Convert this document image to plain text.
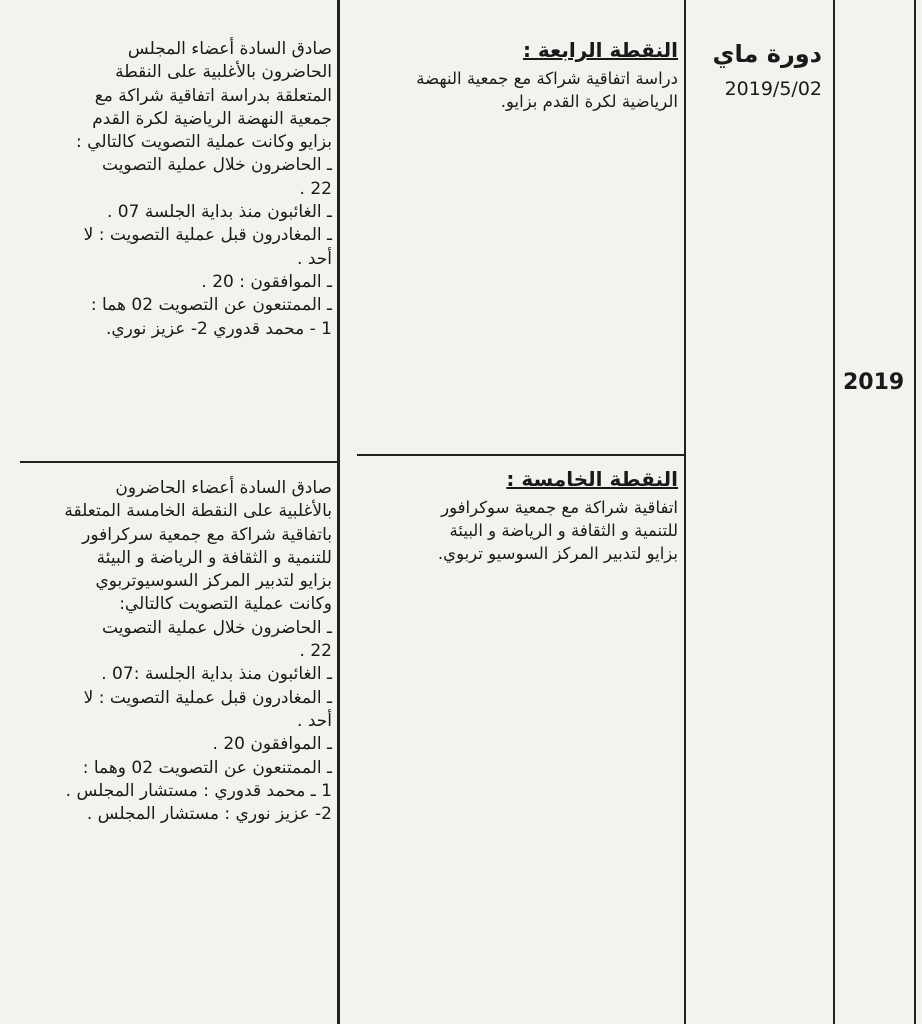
2019
دورة ماي
2019/5/02
النقطة الرابعة :
دراسة اتفاقية شراكة مع جمعية النهضة
الرياضية لكرة القدم بزايو.
النقطة الخامسة :
اتفاقية شراكة مع جمعية سوكرافور
للتنمية و الثقافة و الرياضة و البيئة
بزايو لتدبير المركز السوسيو تربوي.
صادق السادة أعضاء المجلس
الحاضرون بالأغلبية على النقطة
المتعلقة بدراسة اتفاقية شراكة مع
جمعية النهضة الرياضية لكرة القدم
بزايو وكانت عملية التصويت كالتالي :
ـ الحاضرون خلال عملية التصويت
22 .
ـ الغائبون منذ بداية الجلسة 07 .
ـ المغادرون قبل عملية التصويت : لا
أحد .
ـ الموافقون : 20 .
ـ الممتنعون عن التصويت 02 هما :
1 - محمد قدوري 2- عزيز نوري.
صادق السادة أعضاء الحاضرون
بالأغلبية على النقطة الخامسة المتعلقة
باتفاقية شراكة مع جمعية سركرافور
للتنمية و الثقافة و الرياضة و البيئة
بزايو لتدبير المركز السوسيوتربوي
وكانت عملية التصويت كالتالي:
ـ الحاضرون خلال عملية التصويت
22 .
ـ الغائبون منذ بداية الجلسة :07 .
ـ المغادرون قبل عملية التصويت : لا
أحد .
ـ الموافقون 20 .
ـ الممتنعون عن التصويت 02 وهما :
1 ـ محمد قدوري : مستشار المجلس .
2- عزيز نوري : مستشار المجلس .
